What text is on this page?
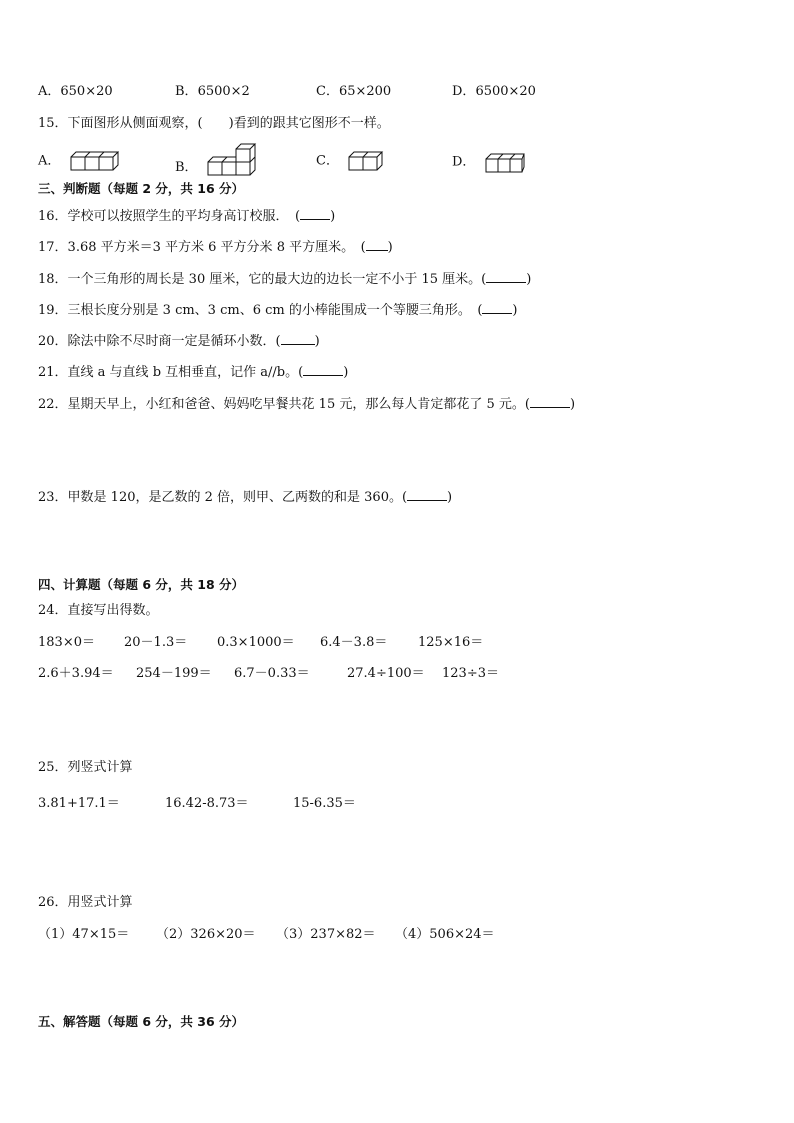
A．650×20	B．6500×2	C．65×200	D．6500×20
15．下面图形从侧面观察，( )看到的跟其它图形不一样。
A．	B．	C．	D．
三、判断题（每题 2 分，共 16 分）
16．学校可以按照学生的平均身高订校服．　( )
17．3.68 平方米＝3 平方米 6 平方分米 8 平方厘米。　( )
18．一个三角形的周长是 30 厘米，它的最大边的边长一定不小于 15 厘米。(	)
19．三根长度分别是 3 cm、3 cm、6 cm 的小棒能围成一个等腰三角形。　( )
20．除法中除不尽时商一定是循环小数．(	)
21．直线 a 与直线 b 互相垂直，记作 a//b。(	)
22．星期天早上，小红和爸爸、妈妈吃早餐共花 15 元，那么每人肯定都花了 5 元。(	)
23．甲数是 120，是乙数的 2 倍，则甲、乙两数的和是 360。(	)
四、计算题（每题 6 分，共 18 分）
24．直接写出得数。
183×0＝ 20－1.3＝ 0.3×1000＝ 6.4－3.8＝ 125×16＝
2.6＋3.94＝ 254－199＝ 6.7－0.33＝	27.4÷100＝ 123÷3＝
25．列竖式计算
3.81+17.1＝	16.42-8.73＝	15-6.35＝
26．用竖式计算
（1）47×15＝ （2）326×20＝ （3）237×82＝ （4）506×24＝
五、解答题（每题 6 分，共 36 分）
